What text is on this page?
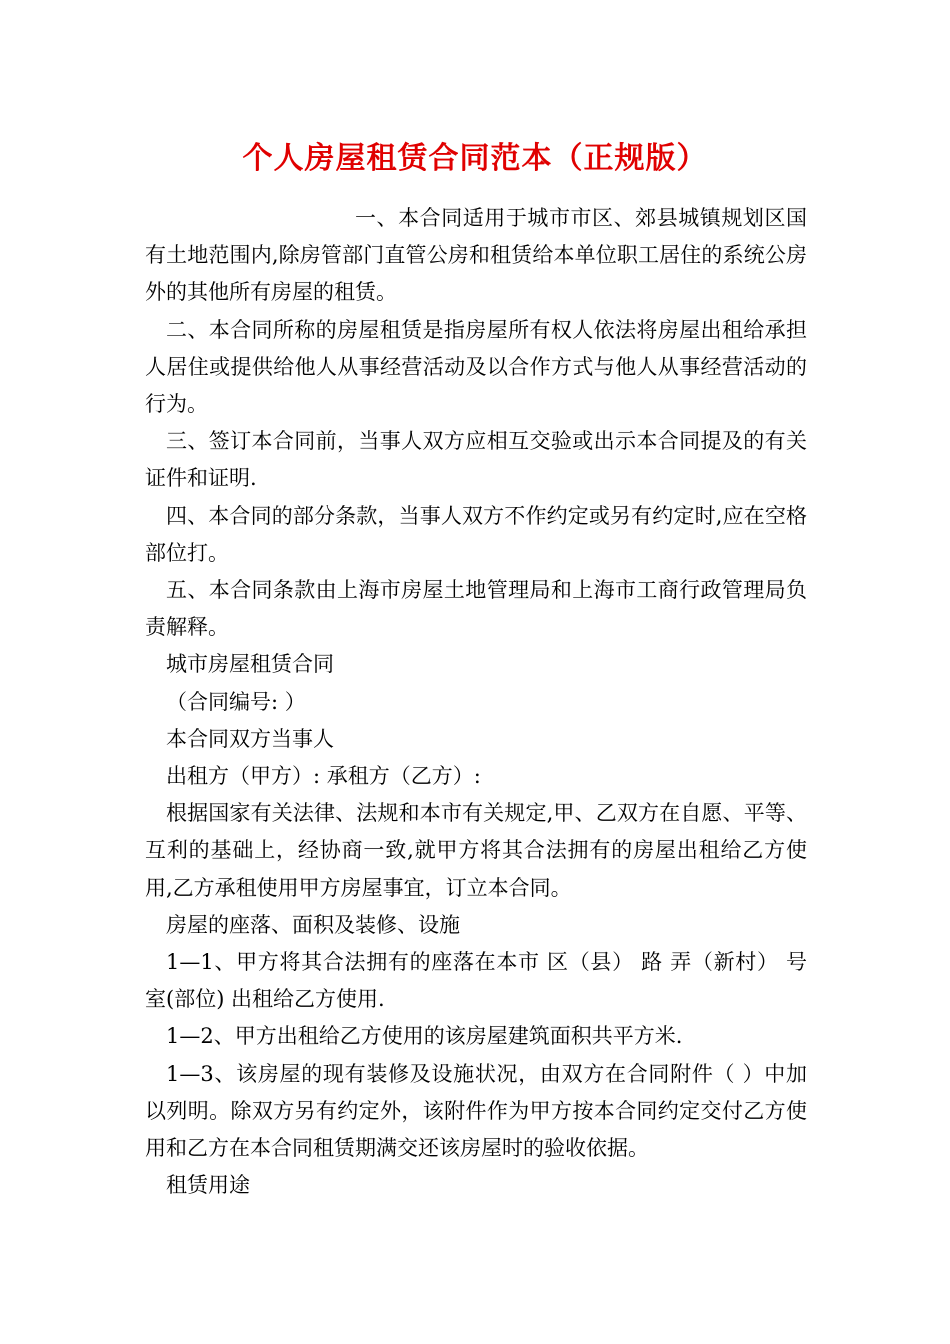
个人房屋租赁合同范本（正规版）

一、本合同适用于城市市区、郊县城镇规划区国有土地范围内,除房管部门直管公房和租赁给本单位职工居住的系统公房外的其他所有房屋的租赁。

二、本合同所称的房屋租赁是指房屋所有权人依法将房屋出租给承担人居住或提供给他人从事经营活动及以合作方式与他人从事经营活动的行为。

三、签订本合同前，当事人双方应相互交验或出示本合同提及的有关证件和证明.

四、本合同的部分条款，当事人双方不作约定或另有约定时,应在空格部位打。

五、本合同条款由上海市房屋土地管理局和上海市工商行政管理局负责解释。

城市房屋租赁合同

（合同编号: ）

本合同双方当事人

出租方（甲方）: 承租方（乙方）:

根据国家有关法律、法规和本市有关规定,甲、乙双方在自愿、平等、互利的基础上，经协商一致,就甲方将其合法拥有的房屋出租给乙方使用,乙方承租使用甲方房屋事宜，订立本合同。

房屋的座落、面积及装修、设施

1—1、甲方将其合法拥有的座落在本市 区（县） 路 弄（新村） 号 室(部位) 出租给乙方使用.

1—2、甲方出租给乙方使用的该房屋建筑面积共平方米.

1—3、该房屋的现有装修及设施状况，由双方在合同附件（ ）中加以列明。除双方另有约定外，该附件作为甲方按本合同约定交付乙方使用和乙方在本合同租赁期满交还该房屋时的验收依据。

租赁用途
